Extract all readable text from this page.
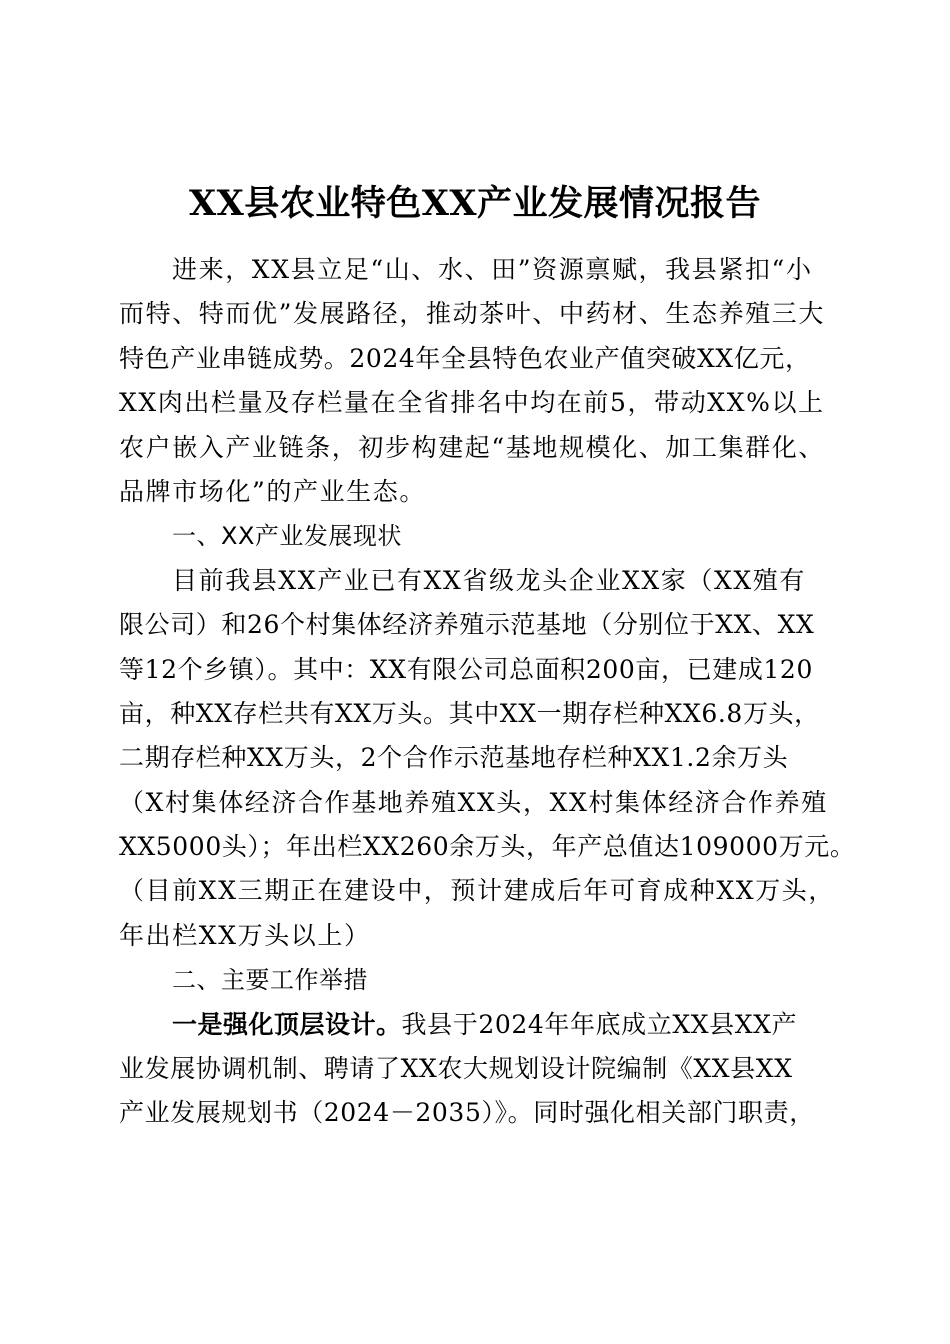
XX县农业特色XX产业发展情况报告
进来，XX县立足“山、水、田”资源禀赋，我县紧扣“小
而特、特而优”发展路径，推动茶叶、中药材、生态养殖三大
特色产业串链成势。2024年全县特色农业产值突破XX亿元，
XX肉出栏量及存栏量在全省排名中均在前5，带动XX%以上
农户嵌入产业链条，初步构建起“基地规模化、加工集群化、
品牌市场化”的产业生态。
一、XX产业发展现状
目前我县XX产业已有XX省级龙头企业XX家（XX殖有
限公司）和26个村集体经济养殖示范基地（分别位于XX、XX
等12个乡镇）。其中：XX有限公司总面积200亩，已建成120
亩，种XX存栏共有XX万头。其中XX一期存栏种XX6.8万头，
二期存栏种XX万头，2个合作示范基地存栏种XX1.2余万头
（X村集体经济合作基地养殖XX头，XX村集体经济合作养殖
XX5000头）；年出栏XX260余万头，年产总值达109000万元。
（目前XX三期正在建设中，预计建成后年可育成种XX万头，
年出栏XX万头以上）
二、主要工作举措
一是强化顶层设计。我县于2024年年底成立XX县XX产
业发展协调机制、聘请了XX农大规划设计院编制《XX县XX
产业发展规划书（2024－2035）》。同时强化相关部门职责，
